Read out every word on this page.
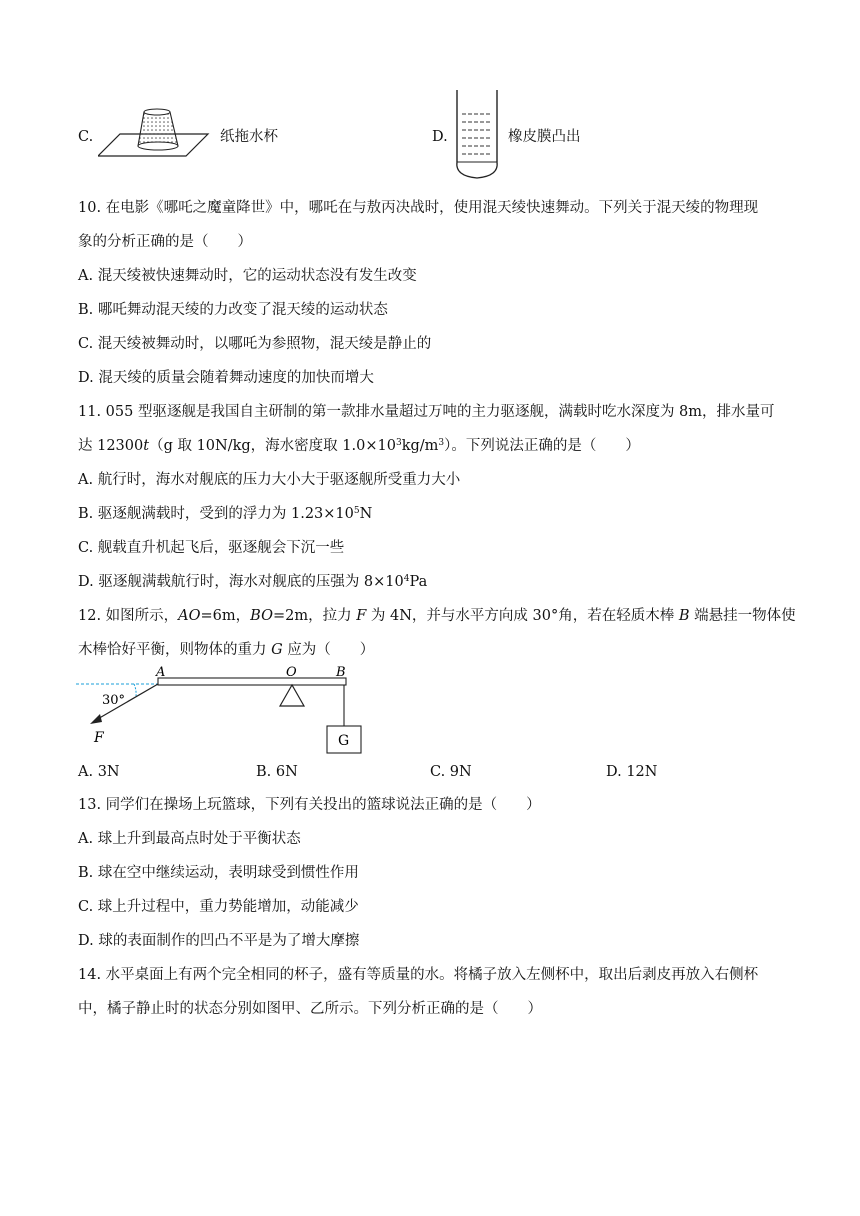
C.	纸拖水杯	D.	橡皮膜凸出
10. 在电影《哪吒之魔童降世》中，哪吒在与敖丙决战时，使用混天绫快速舞动。下列关于混天绫的物理现
象的分析正确的是（　　）
A. 混天绫被快速舞动时，它的运动状态没有发生改变
B. 哪吒舞动混天绫的力改变了混天绫的运动状态
C. 混天绫被舞动时，以哪吒为参照物，混天绫是静止的
D. 混天绫的质量会随着舞动速度的加快而增大
11. 055 型驱逐舰是我国自主研制的第一款排水量超过万吨的主力驱逐舰，满载时吃水深度为 8m，排水量可
达 12300t（g 取 10N/kg，海水密度取 $1.0\times 10^3kg/m^3$）。下列说法正确的是（　　）
A. 航行时，海水对舰底的压力大小大于驱逐舰所受重力大小
B. 驱逐舰满载时，受到的浮力为 $1.23\times 10^5N$
C. 舰载直升机起飞后，驱逐舰会下沉一些
D. 驱逐舰满载航行时，海水对舰底的压强为 $8\times 10^4Pa$
12. 如图所示，AO=6m，BO=2m，拉力 F 为 4N，并与水平方向成 30°角，若在轻质木棒 B 端悬挂一物体使
木棒恰好平衡，则物体的重力 G 应为（　　）
A	O	B
30°
F	G
A. 3N	B. 6N	C. 9N	D. 12N
13. 同学们在操场上玩篮球，下列有关投出的篮球说法正确的是（　　）
A. 球上升到最高点时处于平衡状态
B. 球在空中继续运动，表明球受到惯性作用
C. 球上升过程中，重力势能增加，动能减少
D. 球的表面制作的凹凸不平是为了增大摩擦
14. 水平桌面上有两个完全相同的杯子，盛有等质量的水。将橘子放入左侧杯中，取出后剥皮再放入右侧杯
中，橘子静止时的状态分别如图甲、乙所示。下列分析正确的是（　　）
